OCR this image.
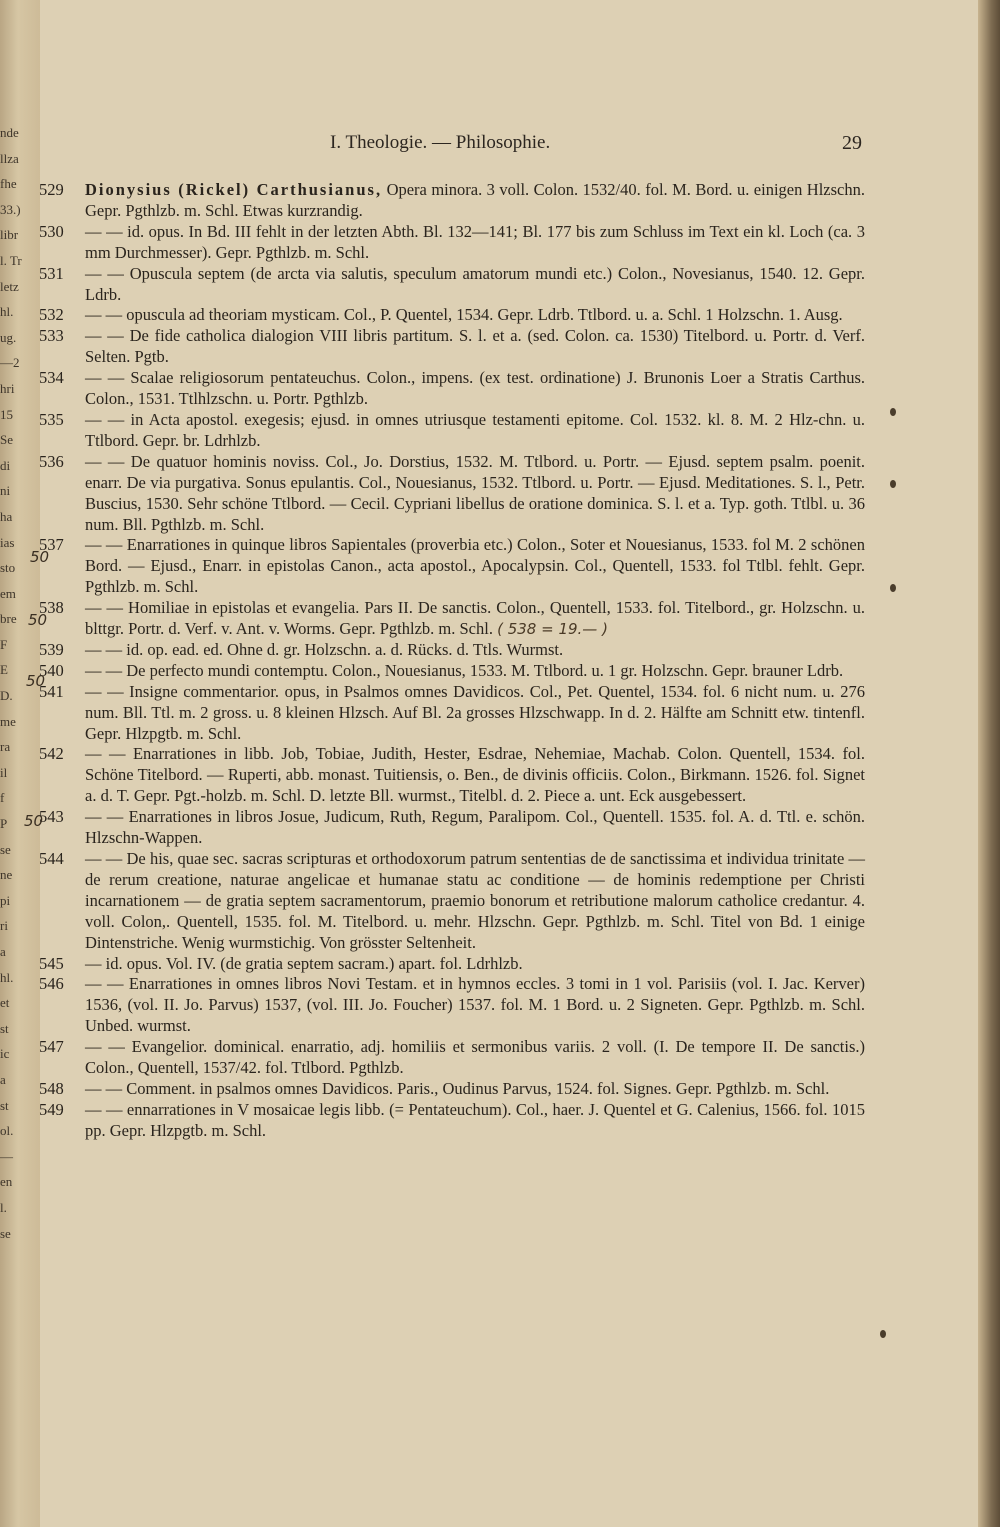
nde
llza
fhe
33.)
libr
l. Tr
letz
hl.
ug.
—2
hri
15
Se
di
ni
ha
ias
sto
em
bre
F
E
D.
me
ra
il
f
P
se
ne
pi
ri
a
hl.
et
st
ic
a
st
ol.
—
en
l.
se
I. Theologie. — Philosophie.	29
529 Dionysius (Rickel) Carthusianus, Opera minora. 3 voll. Colon. 1532/40. fol. M. Bord. u. einigen Hlzschn. Gepr. Pgthlzb. m. Schl. Etwas kurzrandig.
530 — — id. opus. In Bd. III fehlt in der letzten Abth. Bl. 132—141; Bl. 177 bis zum Schluss im Text ein kl. Loch (ca. 3 mm Durchmesser). Gepr. Pgthlzb. m. Schl.
531 — — Opuscula septem (de arcta via salutis, speculum amatorum mundi etc.) Colon., Novesianus, 1540. 12. Gepr. Ldrb.
532 — — opuscula ad theoriam mysticam. Col., P. Quentel, 1534. Gepr. Ldrb. Ttlbord. u. a. Schl. 1 Holzschn. 1. Ausg.
533 — — De fide catholica dialogion VIII libris partitum. S. l. et a. (sed. Colon. ca. 1530) Titelbord. u. Portr. d. Verf. Selten. Pgtb.
534 — — Scalae religiosorum pentateuchus. Colon., impens. (ex test. ordinatione) J. Brunonis Loer a Stratis Carthus. Colon., 1531. Ttlhlzschn. u. Portr. Pgthlzb.
535 — — in Acta apostol. exegesis; ejusd. in omnes utriusque testamenti epitome. Col. 1532. kl. 8. M. 2 Hlz-chn. u. Ttlbord. Gepr. br. Ldrhlzb.
536 — — De quatuor hominis noviss. Col., Jo. Dorstius, 1532. M. Ttlbord. u. Portr. — Ejusd. septem psalm. poenit. enarr. De via purgativa. Sonus epulantis. Col., Nouesianus, 1532. Ttlbord. u. Portr. — Ejusd. Meditationes. S. l., Petr. Buscius, 1530. Sehr schöne Ttlbord. — Cecil. Cypriani libellus de oratione dominica. S. l. et a. Typ. goth. Ttlbl. u. 36 num. Bll. Pgthlzb. m. Schl.
537 — — Enarrationes in quinque libros Sapientales (proverbia etc.) Colon., Soter et Nouesianus, 1533. fol M. 2 schönen Bord. — Ejusd., Enarr. in epistolas Canon., acta apostol., Apocalypsin. Col., Quentell, 1533. fol Ttlbl. fehlt. Gepr. Pgthlzb. m. Schl.
538 — — Homiliae in epistolas et evangelia. Pars II. De sanctis. Colon., Quentell, 1533. fol. Titelbord., gr. Holzschn. u. blttgr. Portr. d. Verf. v. Ant. v. Worms. Gepr. Pgthlzb. m. Schl. ( 538 = 19.— )
539 — — id. op. ead. ed. Ohne d. gr. Holzschn. a. d. Rücks. d. Ttls. Wurmst.
540 — — De perfecto mundi contemptu. Colon., Nouesianus, 1533. M. Ttlbord. u. 1 gr. Holzschn. Gepr. brauner Ldrb.
541 — — Insigne commentarior. opus, in Psalmos omnes Davidicos. Col., Pet. Quentel, 1534. fol. 6 nicht num. u. 276 num. Bll. Ttl. m. 2 gross. u. 8 kleinen Hlzsch. Auf Bl. 2a grosses Hlzschwapp. In d. 2. Hälfte am Schnitt etw. tintenfl. Gepr. Hlzpgtb. m. Schl.
542 — — Enarrationes in libb. Job, Tobiae, Judith, Hester, Esdrae, Nehemiae, Machab. Colon. Quentell, 1534. fol. Schöne Titelbord. — Ruperti, abb. monast. Tuitiensis, o. Ben., de divinis officiis. Colon., Birkmann. 1526. fol. Signet a. d. T. Gepr. Pgt.-holzb. m. Schl. D. letzte Bll. wurmst., Titelbl. d. 2. Piece a. unt. Eck ausgebessert.
543 — — Enarrationes in libros Josue, Judicum, Ruth, Regum, Paralipom. Col., Quentell. 1535. fol. A. d. Ttl. e. schön. Hlzschn-Wappen.
544 — — De his, quae sec. sacras scripturas et orthodoxorum patrum sententias de de sanctissima et individua trinitate — de rerum creatione, naturae angelicae et humanae statu ac conditione — de hominis redemptione per Christi incarnationem — de gratia septem sacramentorum, praemio bonorum et retributione malorum catholice credantur. 4. voll. Colon,. Quentell, 1535. fol. M. Titelbord. u. mehr. Hlzschn. Gepr. Pgthlzb. m. Schl. Titel von Bd. 1 einige Dintenstriche. Wenig wurmstichig. Von grösster Seltenheit.
545 — id. opus. Vol. IV. (de gratia septem sacram.) apart. fol. Ldrhlzb.
546 — — Enarrationes in omnes libros Novi Testam. et in hymnos eccles. 3 tomi in 1 vol. Parisiis (vol. I. Jac. Kerver) 1536, (vol. II. Jo. Parvus) 1537, (vol. III. Jo. Foucher) 1537. fol. M. 1 Bord. u. 2 Signeten. Gepr. Pgthlzb. m. Schl. Unbed. wurmst.
547 — — Evangelior. dominical. enarratio, adj. homiliis et sermonibus variis. 2 voll. (I. De tempore II. De sanctis.) Colon., Quentell, 1537/42. fol. Ttlbord. Pgthlzb.
548 — — Comment. in psalmos omnes Davidicos. Paris., Oudinus Parvus, 1524. fol. Signes. Gepr. Pgthlzb. m. Schl.
549 — — ennarrationes in V mosaicae legis libb. (= Pentateuchum). Col., haer. J. Quentel et G. Calenius, 1566. fol. 1015 pp. Gepr. Hlzpgtb. m. Schl.
50
50
50
50
